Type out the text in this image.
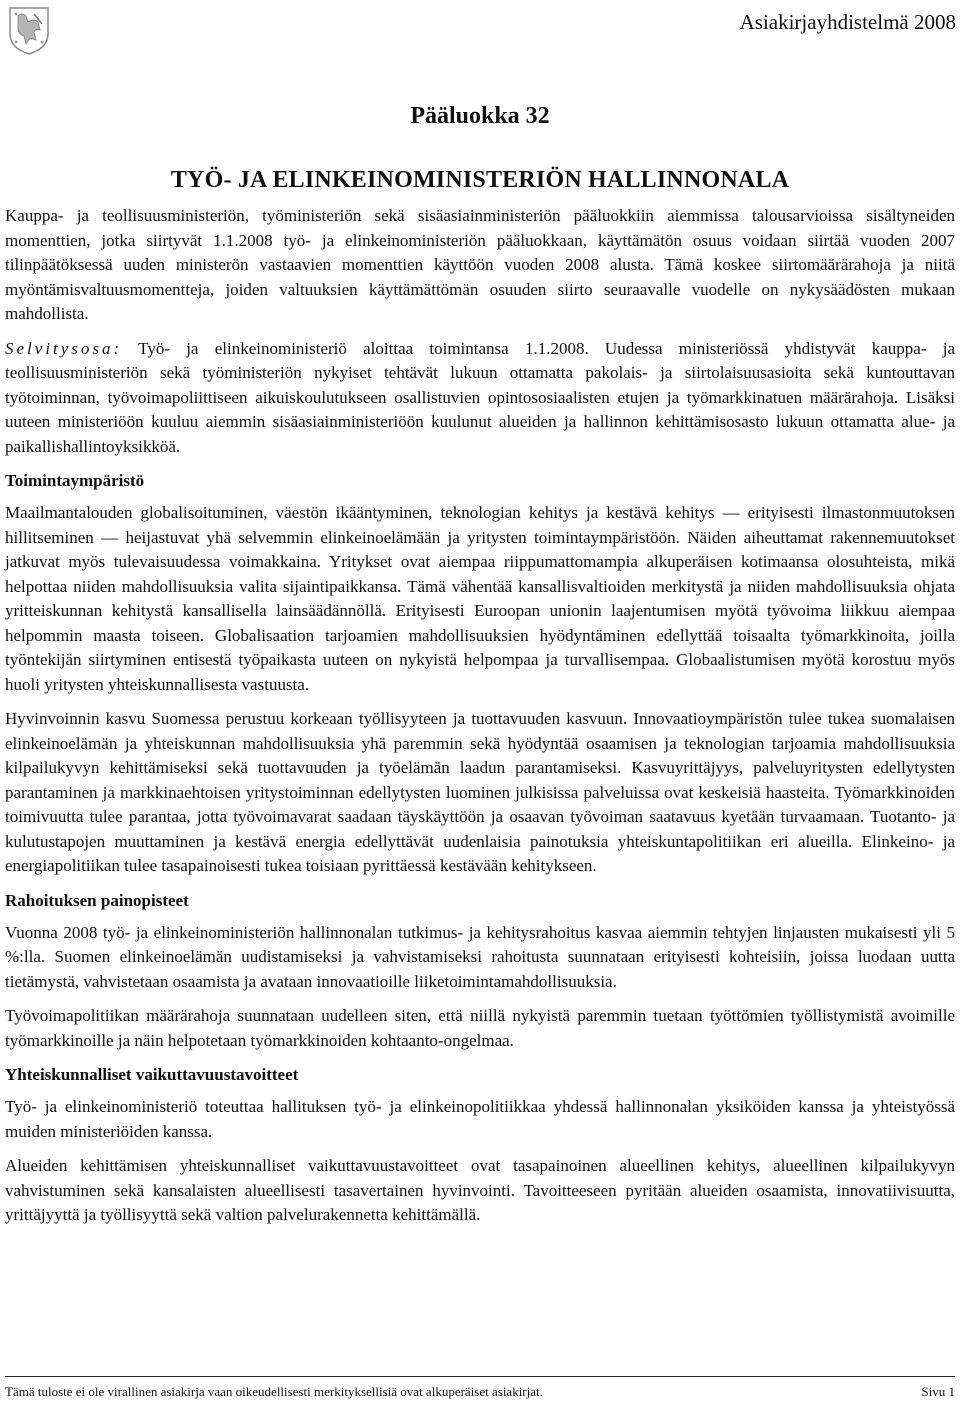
Asiakirjayhdistelmä 2008
Pääluokka 32
TYÖ- JA ELINKEINOMINISTERIÖN HALLINNONALA

Kauppa- ja teollisuusministeriön, työministeriön sekä sisäasiainministeriön pääluokkiin aiemmissa talousarvioissa sisältyneiden momenttien, jotka siirtyvät 1.1.2008 työ- ja elinkeinoministeriön pääluokkaan, käyttämätön osuus voidaan siirtää vuoden 2007 tilinpäätöksessä uuden ministerön vastaavien momenttien käyttöön vuoden 2008 alusta. Tämä koskee siirtomäärärahoja ja niitä myöntämisvaltuusmomentteja, joiden valtuuksien käyttämättömän osuuden siirto seuraavalle vuodelle on nykysäädösten mukaan mahdollista.

Selvitysosa: Työ- ja elinkeinoministeriö aloittaa toimintansa 1.1.2008. Uudessa ministeriössä yhdistyvät kauppa- ja teollisuusministeriön sekä työministeriön nykyiset tehtävät lukuun ottamatta pakolais- ja siirtolaisuusasioita sekä kuntouttavan työtoiminnan, työvoimapoliittiseen aikuiskoulutukseen osallistuvien opintososiaalisten etujen ja työmarkkinatuen määrärahoja. Lisäksi uuteen ministeriöön kuuluu aiemmin sisäasiainministeriöön kuulunut alueiden ja hallinnon kehittämisosasto lukuun ottamatta alue- ja paikallishallintoyksikköä.

Toimintaympäristö

Maailmantalouden globalisoituminen, väestön ikääntyminen, teknologian kehitys ja kestävä kehitys — erityisesti ilmastonmuutoksen hillitseminen — heijastuvat yhä selvemmin elinkeinoelämään ja yritysten toimintaympäristöön. Näiden aiheuttamat rakennemuutokset jatkuvat myös tulevaisuudessa voimakkaina. Yritykset ovat aiempaa riippumattomampia alkuperäisen kotimaansa olosuhteista, mikä helpottaa niiden mahdollisuuksia valita sijaintipaikkansa. Tämä vähentää kansallisvaltioiden merkitystä ja niiden mahdollisuuksia ohjata yritteiskunnan kehitystä kansallisella lainsäädännöllä. Erityisesti Euroopan unionin laajentumisen myötä työvoima liikkuu aiempaa helpommin maasta toiseen. Globalisaation tarjoamien mahdollisuuksien hyödyntäminen edellyttää toisaalta työmarkkinoita, joilla työntekijän siirtyminen entisestä työpaikasta uuteen on nykyistä helpompaa ja turvallisempaa. Globaalistumisen myötä korostuu myös huoli yritysten yhteiskunnallisesta vastuusta.

Hyvinvoinnin kasvu Suomessa perustuu korkeaan työllisyyteen ja tuottavuuden kasvuun. Innovaatioympäristön tulee tukea suomalaisen elinkeinoelämän ja yhteiskunnan mahdollisuuksia yhä paremmin sekä hyödyntää osaamisen ja teknologian tarjoamia mahdollisuuksia kilpailukyvyn kehittämiseksi sekä tuottavuuden ja työelämän laadun parantamiseksi. Kasvuyrittäjyys, palveluyritysten edellytysten parantaminen ja markkinaehtoisen yritystoiminnan edellytysten luominen julkisissa palveluissa ovat keskeisiä haasteita. Työmarkkinoiden toimivuutta tulee parantaa, jotta työvoimavarat saadaan täyskäyttöön ja osaavan työvoiman saatavuus kyetään turvaamaan. Tuotanto- ja kulutustapojen muuttaminen ja kestävä energia edellyttävät uudenlaisia painotuksia yhteiskuntapolitiikan eri alueilla. Elinkeino- ja energiapolitiikan tulee tasapainoisesti tukea toisiaan pyrittäessä kestävään kehitykseen.

Rahoituksen painopisteet

Vuonna 2008 työ- ja elinkeinoministeriön hallinnonalan tutkimus- ja kehitysrahoitus kasvaa aiemmin tehtyjen linjausten mukaisesti yli 5 %:lla. Suomen elinkeinoelämän uudistamiseksi ja vahvistamiseksi rahoitusta suunnataan erityisesti kohteisiin, joissa luodaan uutta tietämystä, vahvistetaan osaamista ja avataan innovaatioille liiketoimintamahdollisuuksia.

Työvoimapolitiikan määrärahoja suunnataan uudelleen siten, että niillä nykyistä paremmin tuetaan työttömien työllistymistä avoimille työmarkkinoille ja näin helpotetaan työmarkkinoiden kohtaanto-ongelmaa.

Yhteiskunnalliset vaikuttavuustavoitteet

Työ- ja elinkeinoministeriö toteuttaa hallituksen työ- ja elinkeinopolitiikkaa yhdessä hallinnonalan yksiköiden kanssa ja yhteistyössä muiden ministeriöiden kanssa.

Alueiden kehittämisen yhteiskunnalliset vaikuttavuustavoitteet ovat tasapainoinen alueellinen kehitys, alueellinen kilpailukyvyn vahvistuminen sekä kansalaisten alueellisesti tasavertainen hyvinvointi. Tavoitteeseen pyritään alueiden osaamista, innovatiivisuutta, yrittäjyyttä ja työllisyyttä sekä valtion palvelurakennetta kehittämällä.

Tämä tuloste ei ole virallinen asiakirja vaan oikeudellisesti merkityksellisiä ovat alkuperäiset asiakirjat.	Sivu 1
